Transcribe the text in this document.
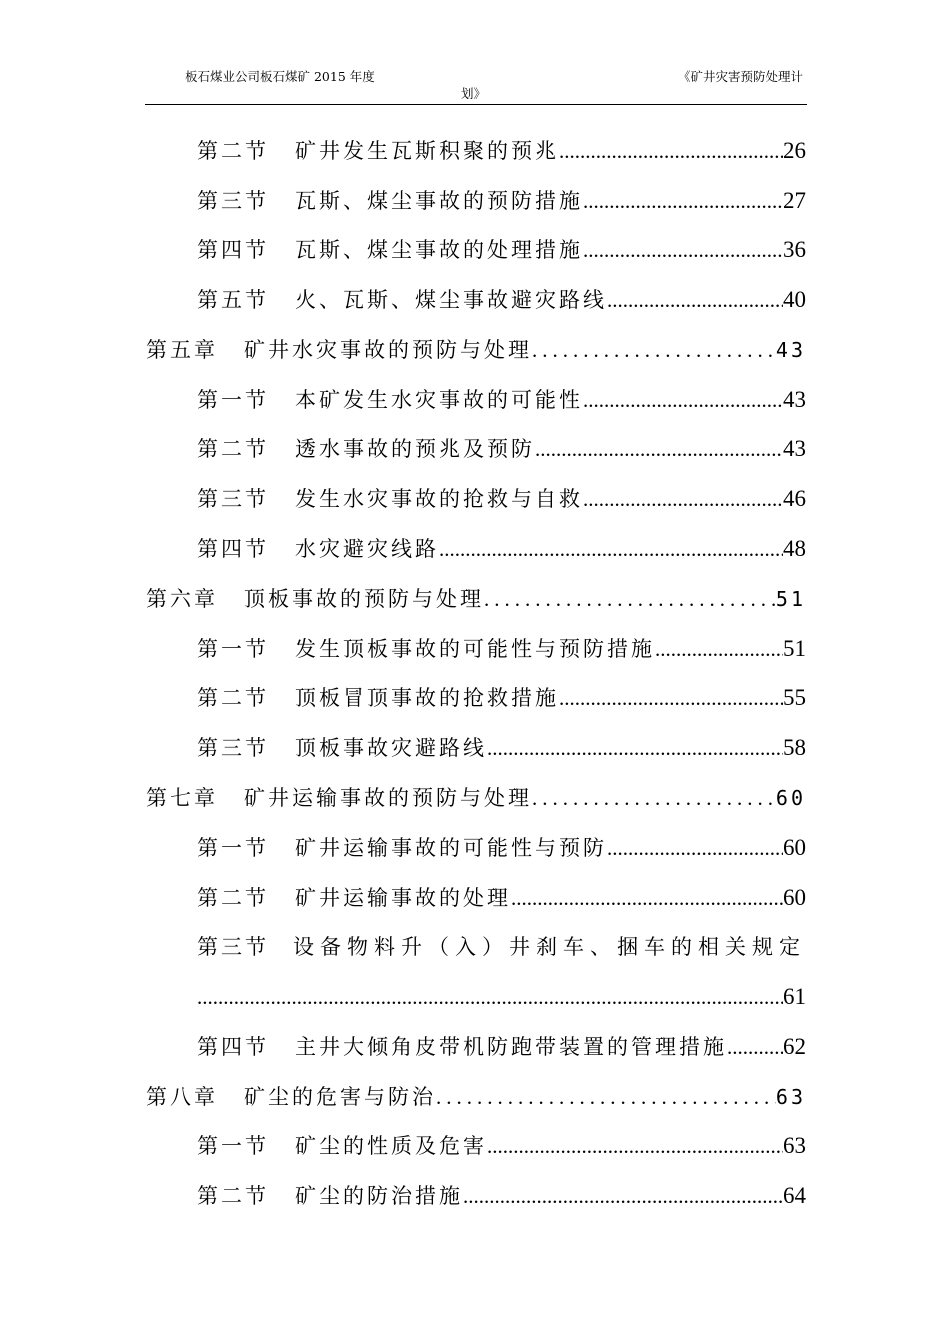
板石煤业公司板石煤矿 2015 年度	《矿井灾害预防处理计
划》
第二节 矿井发生瓦斯积聚的预兆 .....	26
第三节 瓦斯、煤尘事故的预防措施 .....	27
第四节 瓦斯、煤尘事故的处理措施 .....	36
第五节 火、瓦斯、煤尘事故避灾路线 .....	40
第五章 矿井水灾事故的预防与处理 .....	43
第一节 本矿发生水灾事故的可能性 .....	43
第二节 透水事故的预兆及预防 .....	43
第三节 发生水灾事故的抢救与自救 .....	46
第四节 水灾避灾线路 .....	48
第六章 顶板事故的预防与处理 .....	51
第一节 发生顶板事故的可能性与预防措施 .....	51
第二节 顶板冒顶事故的抢救措施 .....	55
第三节 顶板事故灾避路线 .....	58
第七章 矿井运输事故的预防与处理 .....	60
第一节 矿井运输事故的可能性与预防 .....	60
第二节 矿井运输事故的处理 .....	60
第三节 设备物料升（入）井刹车、捆车的相关规定
.....
61
第四节 主井大倾角皮带机防跑带装置的管理措施 ..... 62
第八章 矿尘的危害与防治 .....	63
第一节 矿尘的性质及危害 .....	63
第二节 矿尘的防治措施 .....	64
